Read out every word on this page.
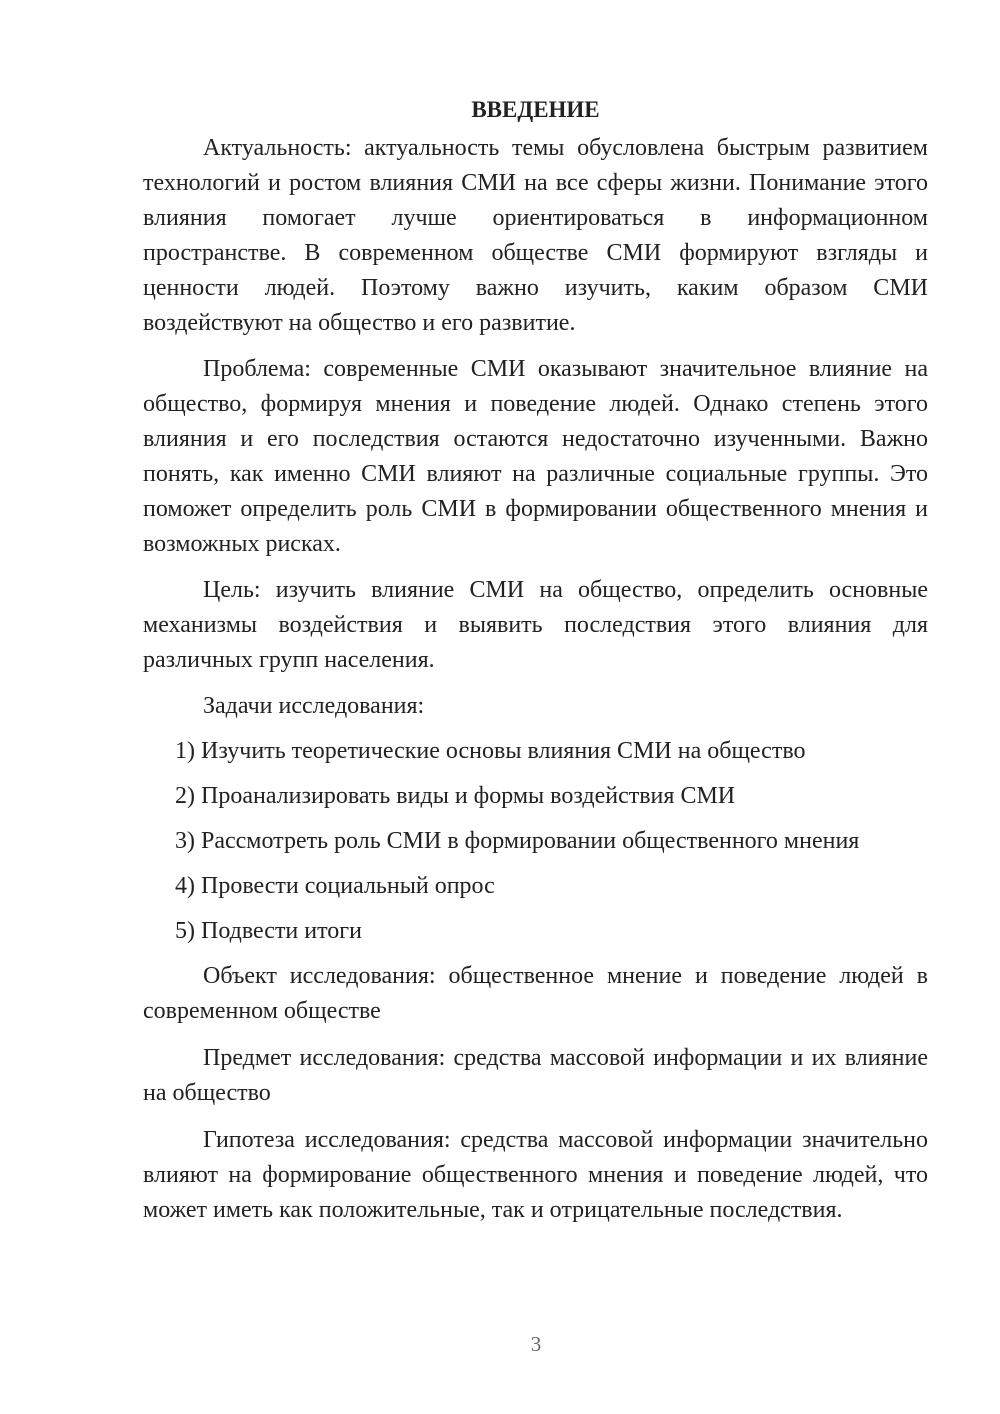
ВВЕДЕНИЕ

Актуальность: актуальность темы обусловлена быстрым развитием технологий и ростом влияния СМИ на все сферы жизни. Понимание этого влияния помогает лучше ориентироваться в информационном пространстве. В современном обществе СМИ формируют взгляды и ценности людей. Поэтому важно изучить, каким образом СМИ воздействуют на общество и его развитие.

Проблема: современные СМИ оказывают значительное влияние на общество, формируя мнения и поведение людей. Однако степень этого влияния и его последствия остаются недостаточно изученными. Важно понять, как именно СМИ влияют на различные социальные группы. Это поможет определить роль СМИ в формировании общественного мнения и возможных рисках.

Цель: изучить влияние СМИ на общество, определить основные механизмы воздействия и выявить последствия этого влияния для различных групп населения.

Задачи исследования:

1) Изучить теоретические основы влияния СМИ на общество
2) Проанализировать виды и формы воздействия СМИ
3) Рассмотреть роль СМИ в формировании общественного мнения
4) Провести социальный опрос
5) Подвести итоги

Объект исследования: общественное мнение и поведение людей в современном обществе

Предмет исследования: средства массовой информации и их влияние на общество

Гипотеза исследования: средства массовой информации значительно влияют на формирование общественного мнения и поведение людей, что может иметь как положительные, так и отрицательные последствия.

3
